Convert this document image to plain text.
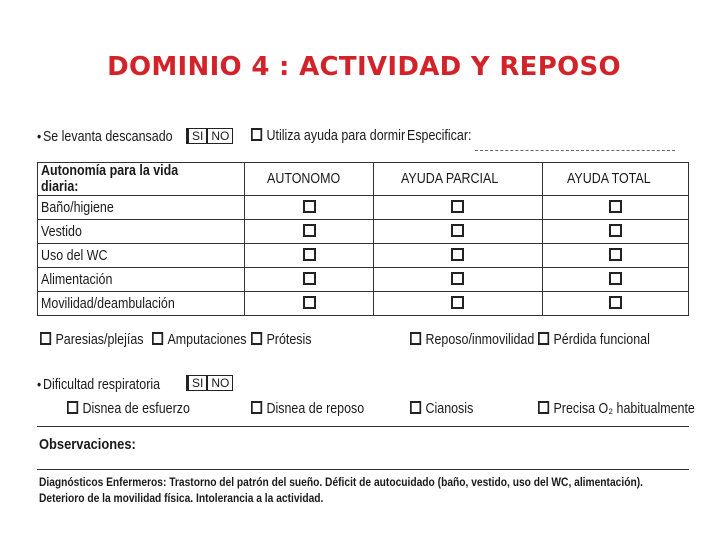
DOMINIO 4 : ACTIVIDAD Y REPOSO
• Se levanta descansado SI NO	Utiliza ayuda para dormir Especificar:
Autonomía para la vida diaria:	AUTONOMO	AYUDA PARCIAL	AYUDA TOTAL
Baño/higiene			
Vestido			
Uso del WC			
Alimentación			
Movilidad/deambulación			
Paresias/plejías	Amputaciones	Prótesis	Reposo/inmovilidad	Pérdida funcional
• Dificultad respiratoria	SI NO
Disnea de esfuerzo	Disnea de reposo	Cianosis	Precisa O₂ habitualmente
Observaciones:
Diagnósticos Enfermeros: Trastorno del patrón del sueño. Déficit de autocuidado (baño, vestido, uso del WC, alimentación). Deterioro de la movilidad física. Intolerancia a la actividad.
